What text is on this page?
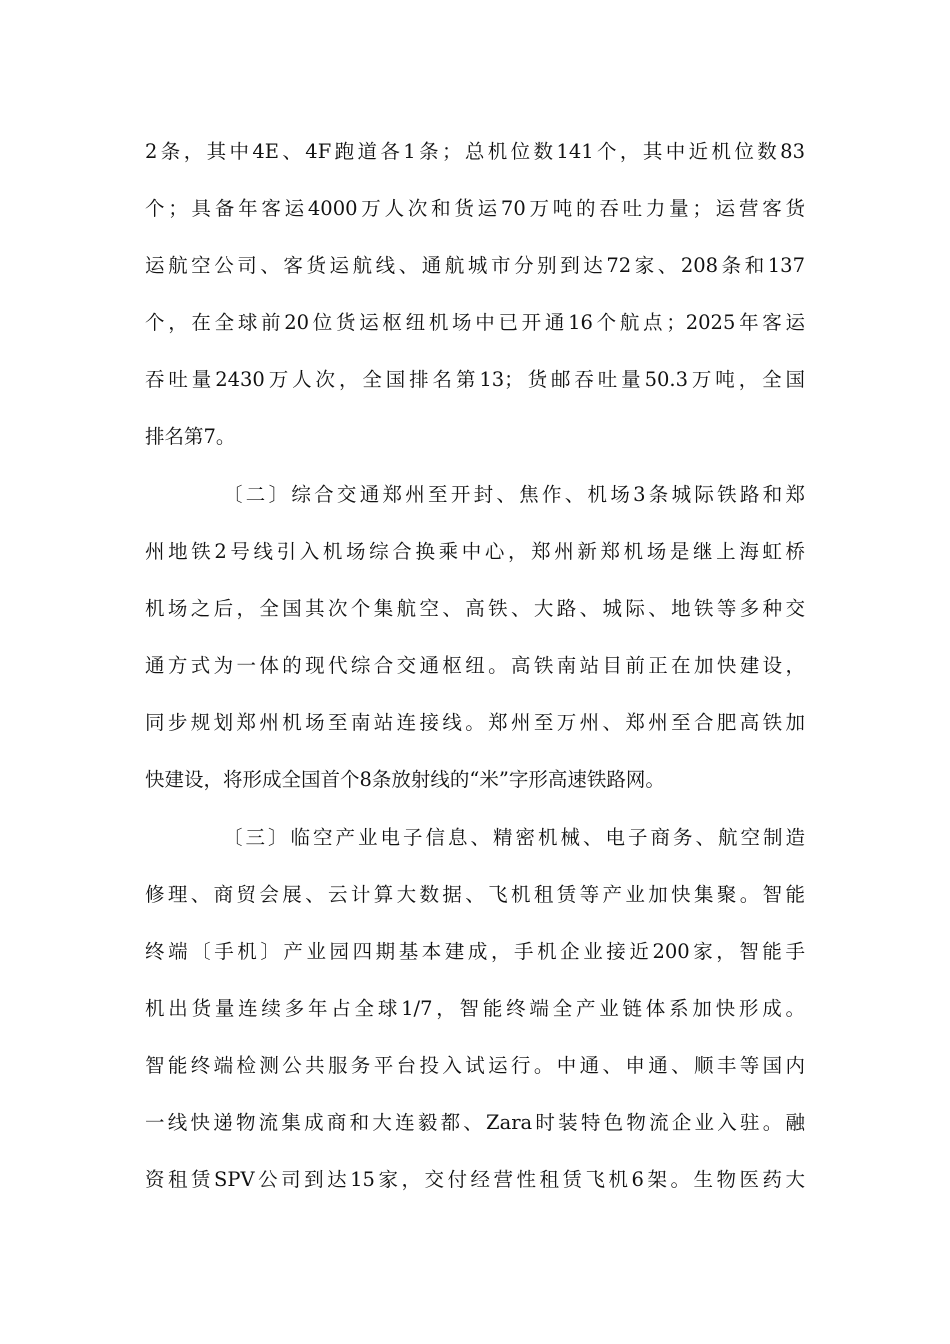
2条，其中4E、4F跑道各1条；总机位数141个，其中近机位数83
个；具备年客运4000万人次和货运70万吨的吞吐力量；运营客货
运航空公司、客货运航线、通航城市分别到达72家、208条和137
个，在全球前20位货运枢纽机场中已开通16个航点；2025年客运
吞吐量2430万人次，全国排名第13；货邮吞吐量50.3万吨，全国
排名第7。
〔二〕综合交通郑州至开封、焦作、机场3条城际铁路和郑
州地铁2号线引入机场综合换乘中心，郑州新郑机场是继上海虹桥
机场之后，全国其次个集航空、高铁、大路、城际、地铁等多种交
通方式为一体的现代综合交通枢纽。高铁南站目前正在加快建设，
同步规划郑州机场至南站连接线。郑州至万州、郑州至合肥高铁加
快建设，将形成全国首个8条放射线的“米”字形高速铁路网。
〔三〕临空产业电子信息、精密机械、电子商务、航空制造
修理、商贸会展、云计算大数据、飞机租赁等产业加快集聚。智能
终端〔手机〕产业园四期基本建成，手机企业接近200家，智能手
机出货量连续多年占全球1/7，智能终端全产业链体系加快形成。
智能终端检测公共服务平台投入试运行。中通、申通、顺丰等国内
一线快递物流集成商和大连毅都、Zara时装特色物流企业入驻。融
资租赁SPV公司到达15家，交付经营性租赁飞机6架。生物医药大
